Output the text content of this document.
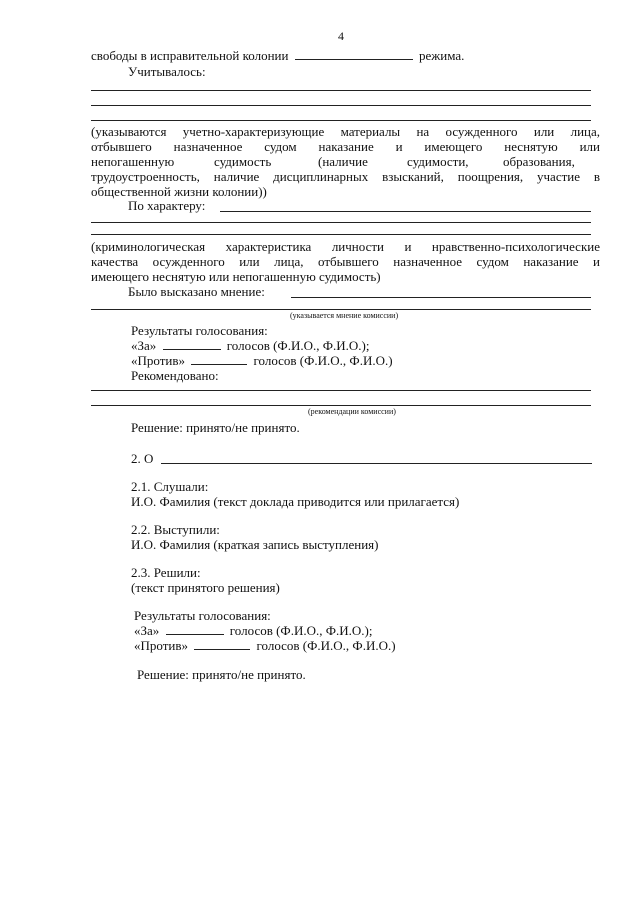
4
свободы в исправительной колонии	режима.
Учитывалось:
(указываются учетно-характеризующие материалы на осужденного или лица,
отбывшего назначенное судом наказание и имеющего неснятую или
непогашенную	судимость	(наличие	судимости,	образования,
трудоустроенность, наличие дисциплинарных взысканий, поощрения, участие в
общественной жизни колонии))
По характеру:
(криминологическая характеристика личности и нравственно-психологические
качества осужденного или лица, отбывшего назначенное судом наказание и
имеющего неснятую или непогашенную судимость)
Было высказано мнение:
(указывается мнение комиссии)
Результаты голосования:
«За»	голосов (Ф.И.О., Ф.И.О.);
«Против»	голосов (Ф.И.О., Ф.И.О.)
Рекомендовано:
(рекомендации комиссии)
Решение: принято/не принято.
2. О
2.1. Слушали:
И.О. Фамилия (текст доклада приводится или прилагается)
2.2. Выступили:
И.О. Фамилия (краткая запись выступления)
2.3. Решили:
(текст принятого решения)
Результаты голосования:
«За»	голосов (Ф.И.О., Ф.И.О.);
«Против»	голосов (Ф.И.О., Ф.И.О.)
Решение: принято/не принято.
